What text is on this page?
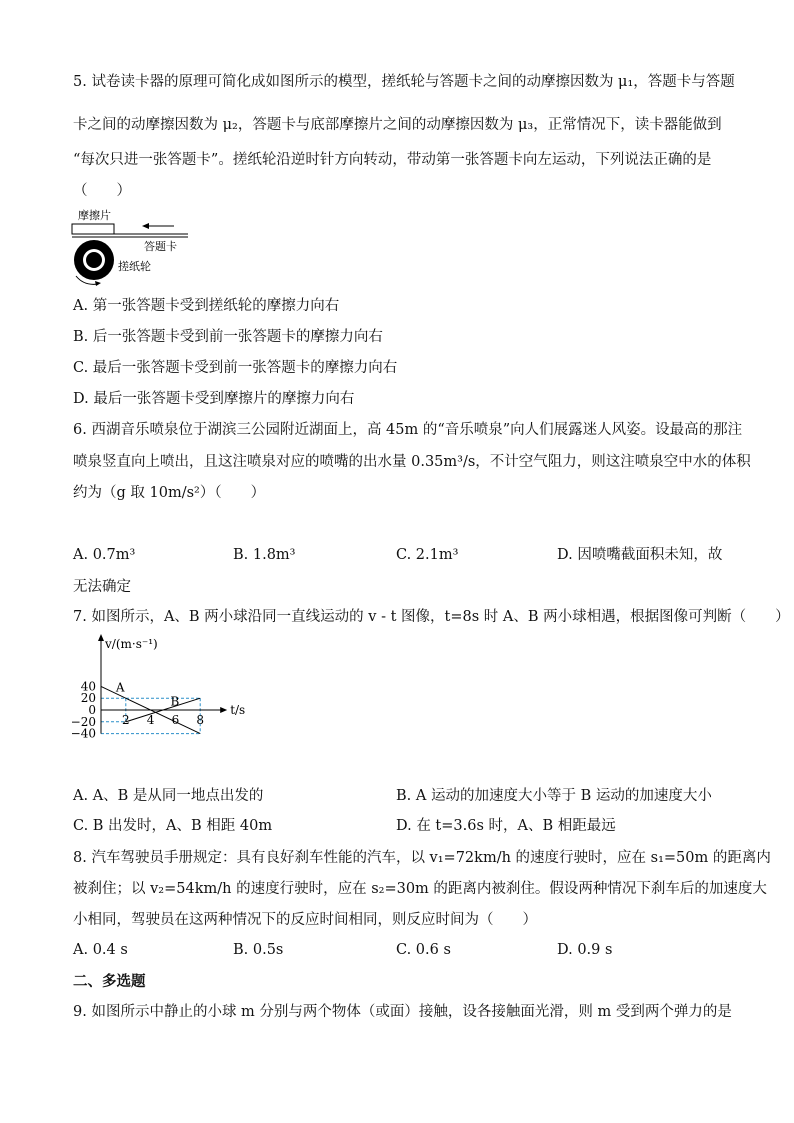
5. 试卷读卡器的原理可简化成如图所示的模型，搓纸轮与答题卡之间的动摩擦因数为 μ₁，答题卡与答题
卡之间的动摩擦因数为 μ₂，答题卡与底部摩擦片之间的动摩擦因数为 μ₃，正常情况下，读卡器能做到
“每次只进一张答题卡”。搓纸轮沿逆时针方向转动，带动第一张答题卡向左运动，下列说法正确的是
（　　）
摩擦片
答题卡
搓纸轮
A. 第一张答题卡受到搓纸轮的摩擦力向右
B. 后一张答题卡受到前一张答题卡的摩擦力向右
C. 最后一张答题卡受到前一张答题卡的摩擦力向右
D. 最后一张答题卡受到摩擦片的摩擦力向右
6. 西湖音乐喷泉位于湖滨三公园附近湖面上，高 45m 的“音乐喷泉”向人们展露迷人风姿。设最高的那注
喷泉竖直向上喷出，且这注喷泉对应的喷嘴的出水量 0.35m³/s，不计空气阻力，则这注喷泉空中水的体积
约为（g 取 10m/s²）（　　）
A. 0.7m³	B. 1.8m³	C. 2.1m³	D. 因喷嘴截面积未知，故
无法确定
7. 如图所示，A、B 两小球沿同一直线运动的 v - t 图像，t=8s 时 A、B 两小球相遇，根据图像可判断（　　）
A
B
40
20
0
−20
−40
2 4 6 8
v/(m·s⁻¹)
t/s
A. A、B 是从同一地点出发的	B. A 运动的加速度大小等于 B 运动的加速度大小
C. B 出发时，A、B 相距 40m	D. 在 t=3.6s 时，A、B 相距最远
8. 汽车驾驶员手册规定：具有良好刹车性能的汽车，以 v₁=72km/h 的速度行驶时，应在 s₁=50m 的距离内
被刹住；以 v₂=54km/h 的速度行驶时，应在 s₂=30m 的距离内被刹住。假设两种情况下刹车后的加速度大
小相同，驾驶员在这两种情况下的反应时间相同，则反应时间为（　　）
A. 0.4 s	B. 0.5s	C. 0.6 s	D. 0.9 s
二、多选题
9. 如图所示中静止的小球 m 分别与两个物体（或面）接触，设各接触面光滑，则 m 受到两个弹力的是
